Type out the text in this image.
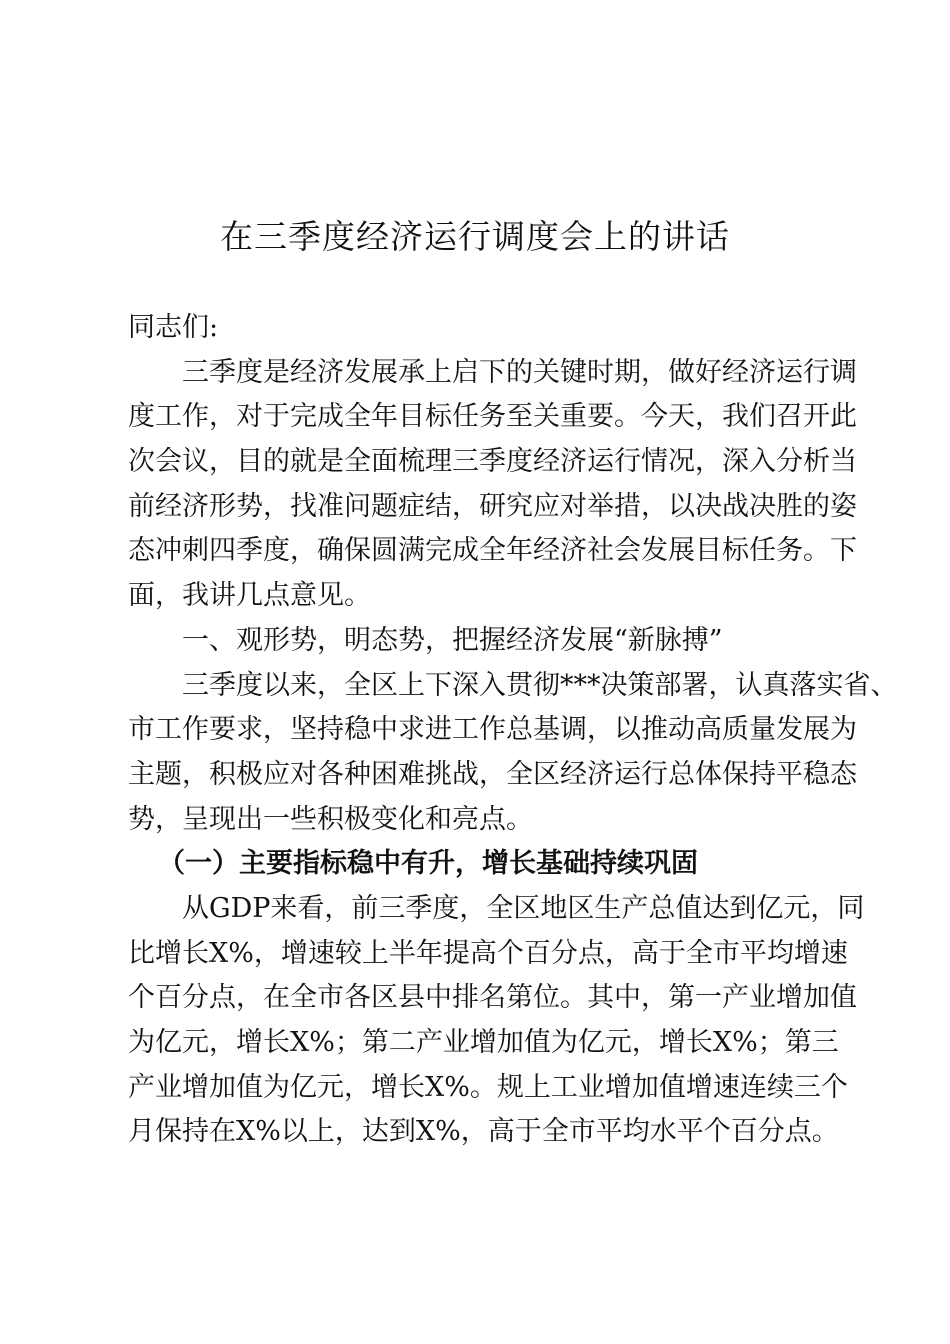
在三季度经济运行调度会上的讲话
同志们:
三季度是经济发展承上启下的关键时期，做好经济运行调
度工作，对于完成全年目标任务至关重要。今天，我们召开此
次会议，目的就是全面梳理三季度经济运行情况，深入分析当
前经济形势，找准问题症结，研究应对举措，以决战决胜的姿
态冲刺四季度，确保圆满完成全年经济社会发展目标任务。下
面，我讲几点意见。
一、观形势，明态势，把握经济发展“新脉搏”
三季度以来，全区上下深入贯彻***决策部署，认真落实省、
市工作要求，坚持稳中求进工作总基调，以推动高质量发展为
主题，积极应对各种困难挑战，全区经济运行总体保持平稳态
势，呈现出一些积极变化和亮点。
（一）主要指标稳中有升，增长基础持续巩固
从GDP来看，前三季度，全区地区生产总值达到亿元，同
比增长X%，增速较上半年提高个百分点，高于全市平均增速
个百分点，在全市各区县中排名第位。其中，第一产业增加值
为亿元，增长X%；第二产业增加值为亿元，增长X%；第三
产业增加值为亿元，增长X%。规上工业增加值增速连续三个
月保持在X%以上，达到X%，高于全市平均水平个百分点。
